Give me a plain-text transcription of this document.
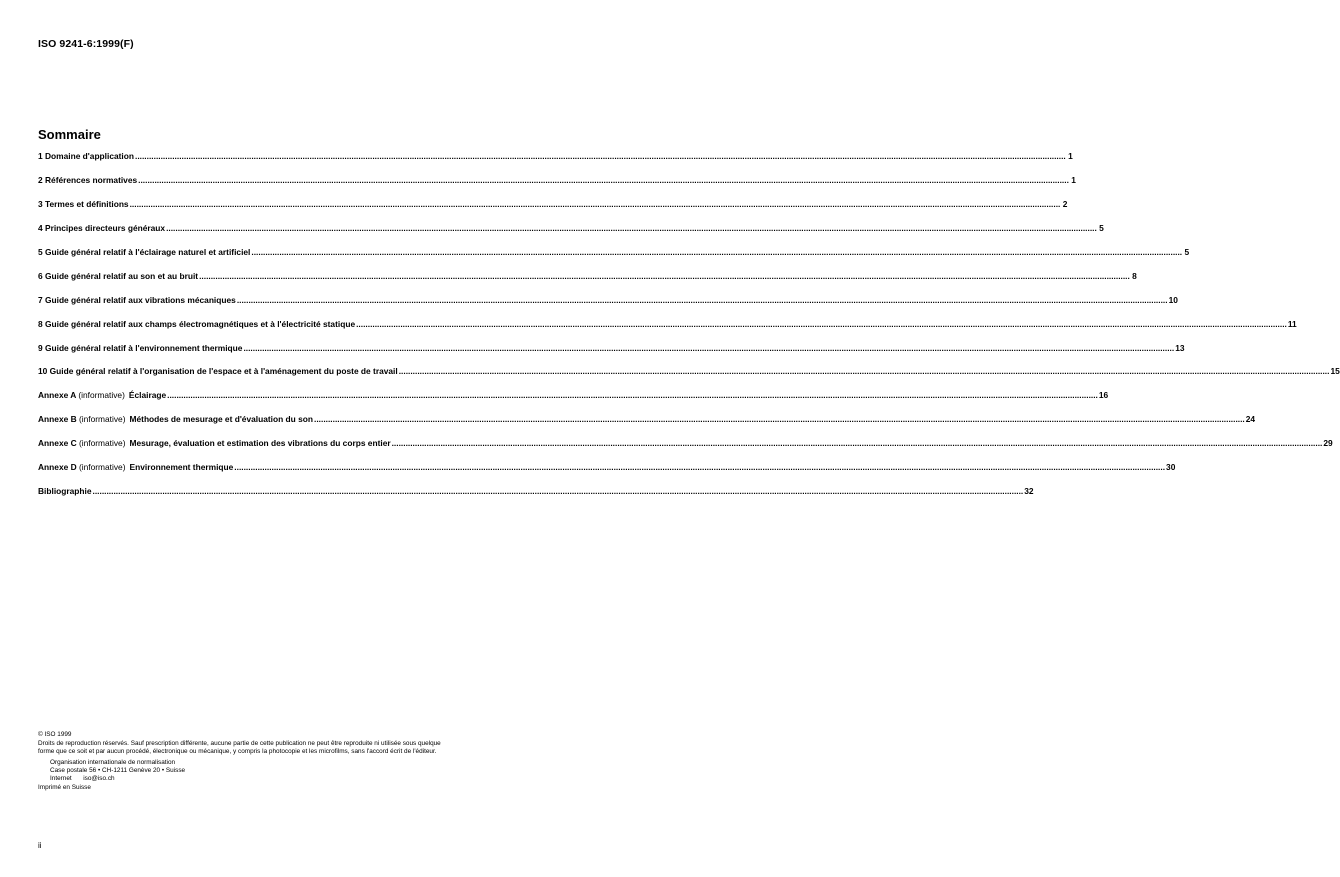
ISO 9241-6:1999(F)
Sommaire
1 Domaine d'application ................................................................................................................................................................................................................................................................................................................................................................................................................ 1
2 Références normatives ................................................................................................................................................................................................................................................................................................................................................................................................................ 1
3 Termes et définitions ................................................................................................................................................................................................................................................................................................................................................................................................................ 2
4 Principes directeurs généraux ................................................................................................................................................................................................................................................................................................................................................................................................................ 5
5 Guide général relatif à l'éclairage naturel et artificiel ................................................................................................................................................................................................................................................................................................................................................................................................................ 5
6 Guide général relatif au son et au bruit ................................................................................................................................................................................................................................................................................................................................................................................................................ 8
7 Guide général relatif aux vibrations mécaniques ................................................................................................................................................................................................................................................................................................................................................................................................................ 10
8 Guide général relatif aux champs électromagnétiques et à l'électricité statique ................................................................................................................................................................................................................................................................................................................................................................................................................ 11
9 Guide général relatif à l'environnement thermique ................................................................................................................................................................................................................................................................................................................................................................................................................ 13
10 Guide général relatif à l'organisation de l'espace et à l'aménagement du poste de travail ................................................................................................................................................................................................................................................................................................................................................................................................................ 15
Annexe A (informative) Éclairage ................................................................................................................................................................................................................................................................................................................................................................................................................ 16
Annexe B (informative) Méthodes de mesurage et d'évaluation du son ................................................................................................................................................................................................................................................................................................................................................................................................................ 24
Annexe C (informative) Mesurage, évaluation et estimation des vibrations du corps entier ................................................................................................................................................................................................................................................................................................................................................................................................................ 29
Annexe D (informative) Environnement thermique ................................................................................................................................................................................................................................................................................................................................................................................................................ 30
Bibliographie ................................................................................................................................................................................................................................................................................................................................................................................................................ 32
© ISO 1999
Droits de reproduction réservés. Sauf prescription différente, aucune partie de cette publication ne peut être reproduite ni utilisée sous quelque
forme que ce soit et par aucun procédé, électronique ou mécanique, y compris la photocopie et les microfilms, sans l'accord écrit de l'éditeur.
Organisation internationale de normalisation
Case postale 56 • CH-1211 Genève 20 • Suisse
Internet iso@iso.ch
Imprimé en Suisse
ii
